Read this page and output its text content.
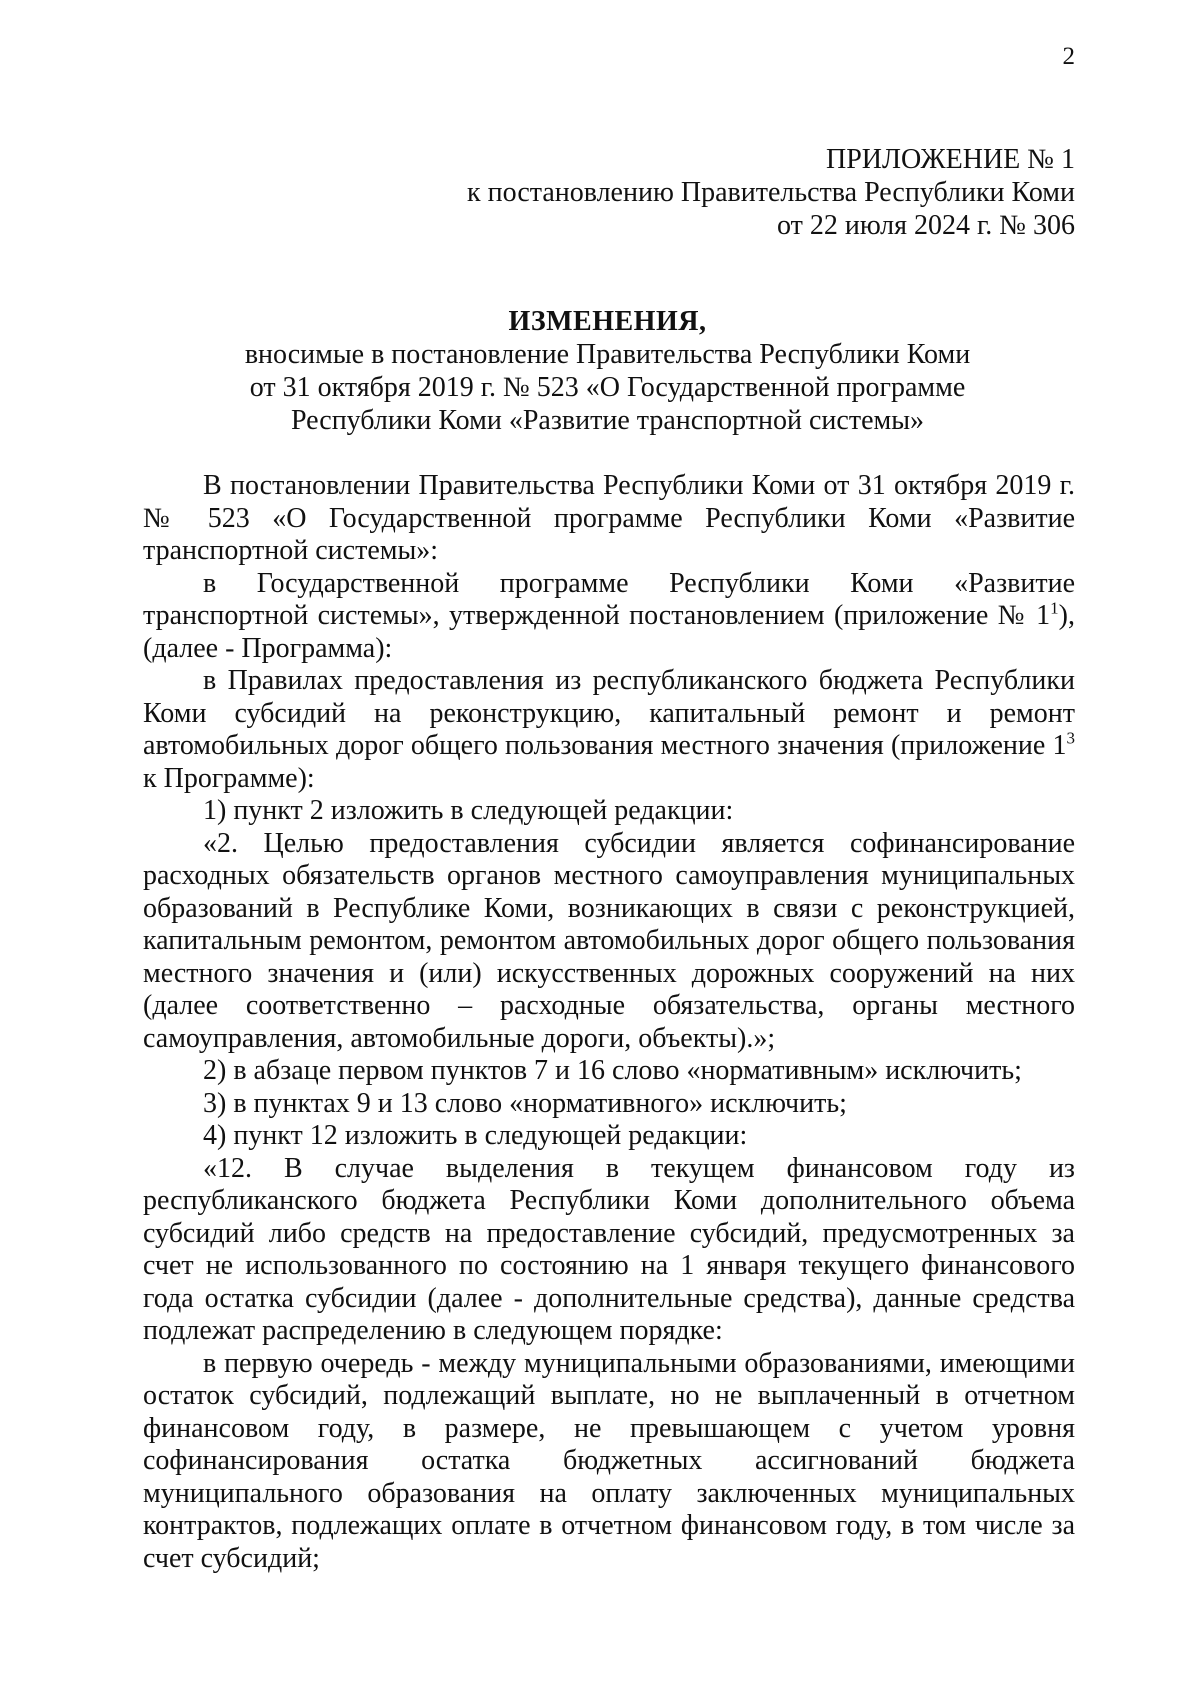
2
ПРИЛОЖЕНИЕ № 1
к постановлению Правительства Республики Коми
от 22 июля 2024 г. № 306
ИЗМЕНЕНИЯ,
вносимые в постановление Правительства Республики Коми
от 31 октября 2019 г. № 523 «О Государственной программе
Республики Коми «Развитие транспортной системы»

В постановлении Правительства Республики Коми от 31 октября 2019 г. № 523 «О Государственной программе Республики Коми «Развитие транспортной системы»:

в Государственной программе Республики Коми «Развитие транспортной системы», утвержденной постановлением (приложение № $1^1$), (далее - Программа):

в Правилах предоставления из республиканского бюджета Республики Коми субсидий на реконструкцию, капитальный ремонт и ремонт автомобильных дорог общего пользования местного значения (приложение $1^3$ к Программе):

1) пункт 2 изложить в следующей редакции:

«2. Целью предоставления субсидии является софинансирование расходных обязательств органов местного самоуправления муниципальных образований в Республике Коми, возникающих в связи с реконструкцией, капитальным ремонтом, ремонтом автомобильных дорог общего пользования местного значения и (или) искусственных дорожных сооружений на них (далее соответственно – расходные обязательства, органы местного самоуправления, автомобильные дороги, объекты).»;

2) в абзаце первом пунктов 7 и 16 слово «нормативным» исключить;

3) в пунктах 9 и 13 слово «нормативного» исключить;

4) пункт 12 изложить в следующей редакции:

«12. В случае выделения в текущем финансовом году из республиканского бюджета Республики Коми дополнительного объема субсидий либо средств на предоставление субсидий, предусмотренных за счет не использованного по состоянию на 1 января текущего финансового года остатка субсидии (далее - дополнительные средства), данные средства подлежат распределению в следующем порядке:

в первую очередь - между муниципальными образованиями, имеющими остаток субсидий, подлежащий выплате, но не выплаченный в отчетном финансовом году, в размере, не превышающем с учетом уровня софинансирования остатка бюджетных ассигнований бюджета муниципального образования на оплату заключенных муниципальных контрактов, подлежащих оплате в отчетном финансовом году, в том числе за счет субсидий;
